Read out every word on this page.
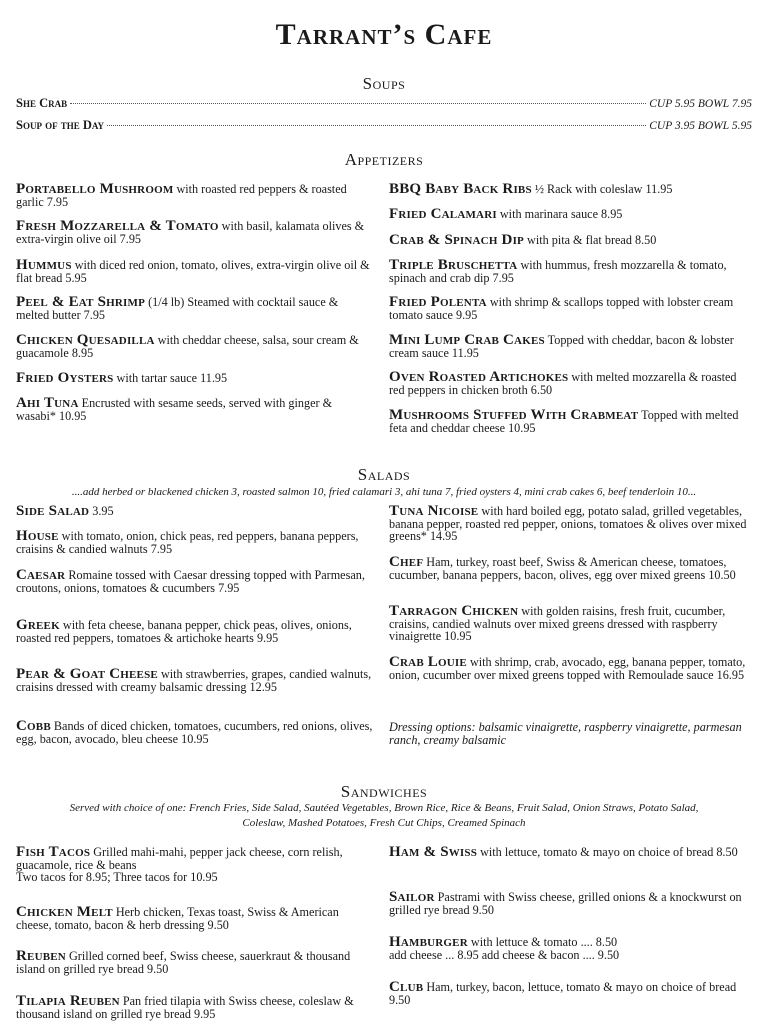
Tarrant’s Cafe
Soups
She Crab	CUP 5.95 BOWL 7.95
Soup of the Day	CUP 3.95 BOWL 5.95
Appetizers
Portabello Mushroom with roasted red peppers & roasted garlic 7.95
Fresh Mozzarella & Tomato with basil, kalamata olives & extra-virgin olive oil 7.95
Hummus with diced red onion, tomato, olives, extra-virgin olive oil & flat bread 5.95
Peel & Eat Shrimp (1/4 lb) Steamed with cocktail sauce & melted butter 7.95
Chicken Quesadilla with cheddar cheese, salsa, sour cream & guacamole 8.95
Fried Oysters with tartar sauce 11.95
Ahi Tuna Encrusted with sesame seeds, served with ginger & wasabi* 10.95
BBQ Baby Back Ribs ½ Rack with coleslaw 11.95
Fried Calamari with marinara sauce 8.95
Crab & Spinach Dip with pita & flat bread 8.50
Triple Bruschetta with hummus, fresh mozzarella & tomato, spinach and crab dip 7.95
Fried Polenta with shrimp & scallops topped with lobster cream tomato sauce 9.95
Mini Lump Crab Cakes Topped with cheddar, bacon & lobster cream sauce 11.95
Oven Roasted Artichokes with melted mozzarella & roasted red peppers in chicken broth 6.50
Mushrooms Stuffed With Crabmeat Topped with melted feta and cheddar cheese 10.95
Salads
....add herbed or blackened chicken 3, roasted salmon 10, fried calamari 3, ahi tuna 7, fried oysters 4, mini crab cakes 6, beef tenderloin 10...
Side Salad 3.95
House with tomato, onion, chick peas, red peppers, banana peppers, craisins & candied walnuts 7.95
Caesar Romaine tossed with Caesar dressing topped with Parmesan, croutons, onions, tomatoes & cucumbers 7.95
Greek with feta cheese, banana pepper, chick peas, olives, onions, roasted red peppers, tomatoes & artichoke hearts 9.95
Pear & Goat Cheese with strawberries, grapes, candied walnuts, craisins dressed with creamy balsamic dressing 12.95
Cobb Bands of diced chicken, tomatoes, cucumbers, red onions, olives, egg, bacon, avocado, bleu cheese 10.95
Tuna Nicoise with hard boiled egg, potato salad, grilled vegetables, banana pepper, roasted red pepper, onions, tomatoes & olives over mixed greens* 14.95
Chef Ham, turkey, roast beef, Swiss & American cheese, tomatoes, cucumber, banana peppers, bacon, olives, egg over mixed greens 10.50
Tarragon Chicken with golden raisins, fresh fruit, cucumber, craisins, candied walnuts over mixed greens dressed with raspberry vinaigrette 10.95
Crab Louie with shrimp, crab, avocado, egg, banana pepper, tomato, onion, cucumber over mixed greens topped with Remoulade sauce 16.95
Dressing options: balsamic vinaigrette, raspberry vinaigrette, parmesan ranch, creamy balsamic
Sandwiches
Served with choice of one: French Fries, Side Salad, Sautéed Vegetables, Brown Rice, Rice & Beans, Fruit Salad, Onion Straws, Potato Salad,
Coleslaw, Mashed Potatoes, Fresh Cut Chips, Creamed Spinach
Fish Tacos Grilled mahi-mahi, pepper jack cheese, corn relish, guacamole, rice & beans
Two tacos for 8.95; Three tacos for 10.95
Chicken Melt Herb chicken, Texas toast, Swiss & American cheese, tomato, bacon & herb dressing 9.50
Reuben Grilled corned beef, Swiss cheese, sauerkraut & thousand island on grilled rye bread 9.50
Tilapia Reuben Pan fried tilapia with Swiss cheese, coleslaw & thousand island on grilled rye bread 9.95
Ham & Swiss with lettuce, tomato & mayo on choice of bread 8.50
Sailor Pastrami with Swiss cheese, grilled onions & a knockwurst on grilled rye bread 9.50
Hamburger with lettuce & tomato .... 8.50
add cheese ... 8.95 add cheese & bacon .... 9.50
Club Ham, turkey, bacon, lettuce, tomato & mayo on choice of bread 9.50
